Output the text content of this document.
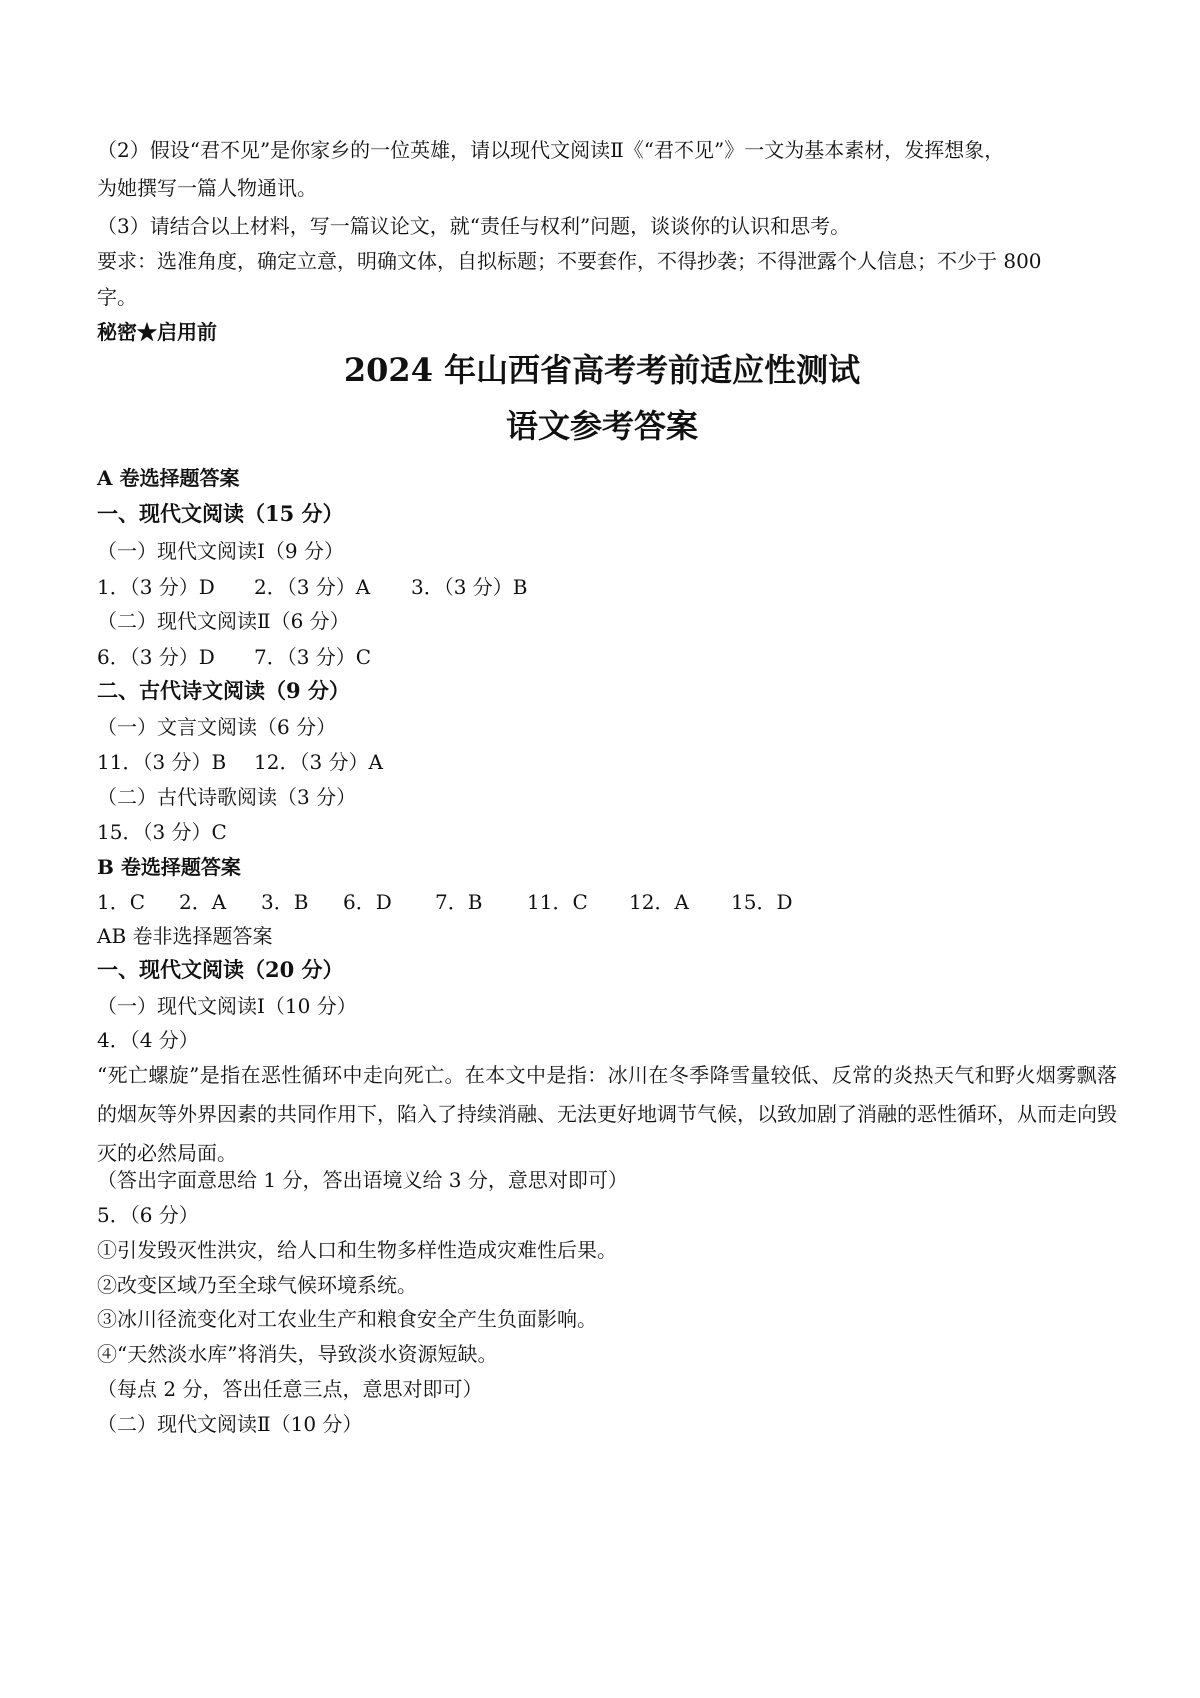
（2）假设“君不见”是你家乡的一位英雄，请以现代文阅读Ⅱ《“君不见”》一文为基本素材，发挥想象，
为她撰写一篇人物通讯。
（3）请结合以上材料，写一篇议论文，就“责任与权利”问题，谈谈你的认识和思考。
要求：选准角度，确定立意，明确文体，自拟标题；不要套作，不得抄袭；不得泄露个人信息；不少于 800
字。
秘密★启用前
2024 年山西省高考考前适应性测试
语文参考答案
A 卷选择题答案
一、现代文阅读（15 分）
（一）现代文阅读Ⅰ（9 分）
1．（3 分）D	2．（3 分）A	3．（3 分）B
（二）现代文阅读Ⅱ（6 分）
6．（3 分）D	7．（3 分）C
二、古代诗文阅读（9 分）
（一）文言文阅读（6 分）
11．（3 分）B	12．（3 分）A
（二）古代诗歌阅读（3 分）
15．（3 分）C
B 卷选择题答案
1．C	2．A	3．B	6．D	7．B	11．C	12．A	15．D
AB 卷非选择题答案
一、现代文阅读（20 分）
（一）现代文阅读Ⅰ（10 分）
4．（4 分）
“死亡螺旋”是指在恶性循环中走向死亡。在本文中是指：冰川在冬季降雪量较低、反常的炎热天气和野火烟雾飘落的烟灰等外界因素的共同作用下，陷入了持续消融、无法更好地调节气候，以致加剧了消融的恶性循环，从而走向毁灭的必然局面。
（答出字面意思给 1 分，答出语境义给 3 分，意思对即可）
5．（6 分）
①引发毁灭性洪灾，给人口和生物多样性造成灾难性后果。
②改变区域乃至全球气候环境系统。
③冰川径流变化对工农业生产和粮食安全产生负面影响。
④“天然淡水库”将消失，导致淡水资源短缺。
（每点 2 分，答出任意三点，意思对即可）
（二）现代文阅读Ⅱ（10 分）
